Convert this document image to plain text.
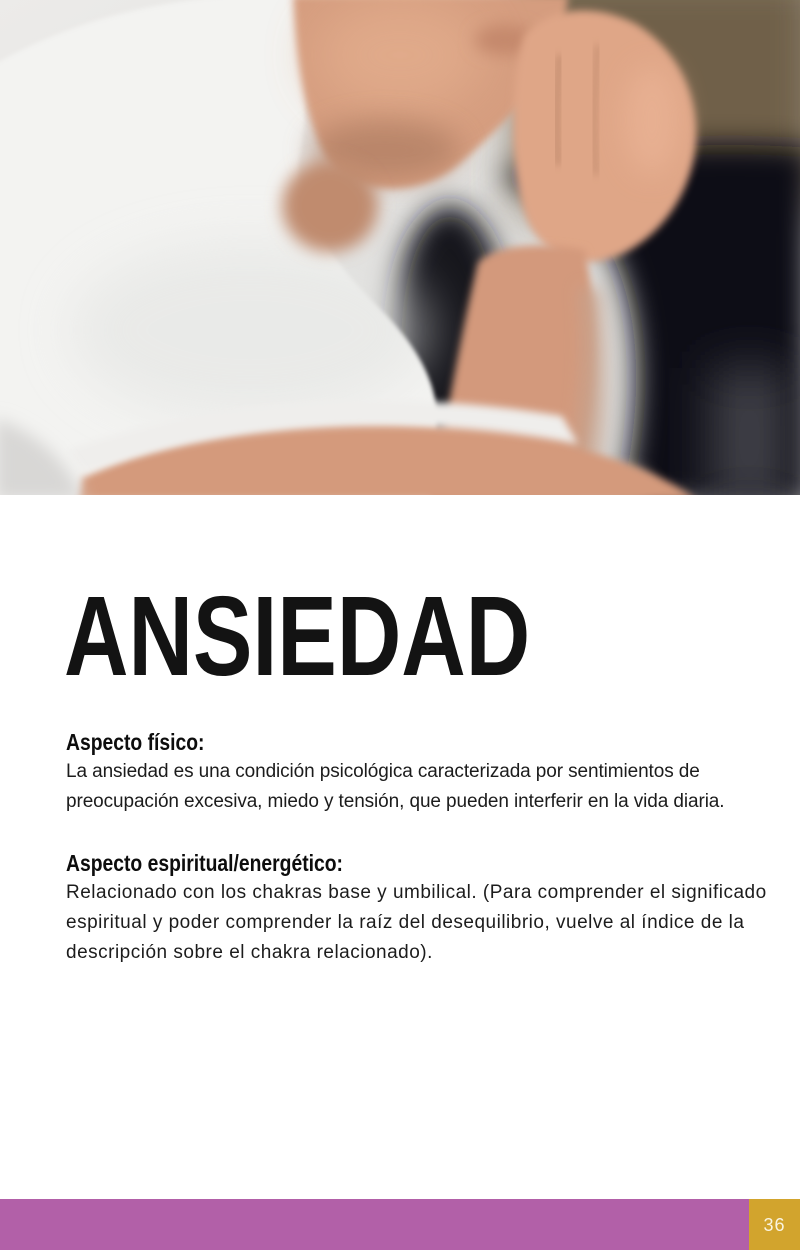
ANSIEDAD
Aspecto físico:

La ansiedad es una condición psicológica caracterizada por sentimientos de

preocupación excesiva, miedo y tensión, que pueden interferir en la vida diaria.

Aspecto espiritual/energético:

Relacionado con los chakras base y umbilical. (Para comprender el significado

espiritual y poder comprender la raíz del desequilibrio, vuelve al índice de la

descripción sobre el chakra relacionado).

36
